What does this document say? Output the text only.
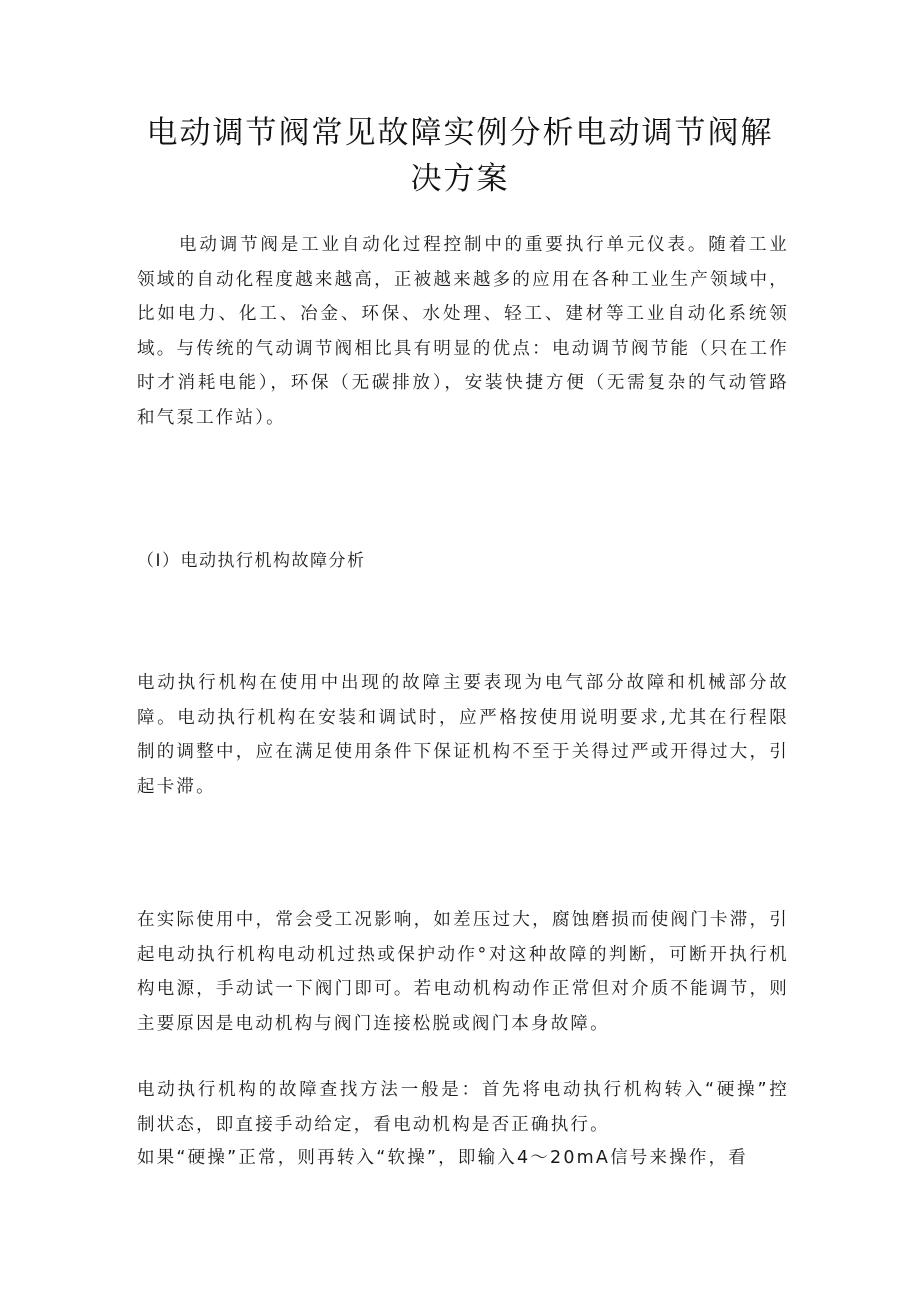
电动调节阀常见故障实例分析电动调节阀解
决方案

电动调节阀是工业自动化过程控制中的重要执行单元仪表。随着工业领域的自动化程度越来越高，正被越来越多的应用在各种工业生产领域中，比如电力、化工、冶金、环保、水处理、轻工、建材等工业自动化系统领域。与传统的气动调节阀相比具有明显的优点：电动调节阀节能（只在工作时才消耗电能），环保（无碳排放），安装快捷方便（无需复杂的气动管路和气泵工作站）。

（I）电动执行机构故障分析

电动执行机构在使用中出现的故障主要表现为电气部分故障和机械部分故障。电动执行机构在安装和调试时，应严格按使用说明要求,尤其在行程限制的调整中，应在满足使用条件下保证机构不至于关得过严或开得过大，引起卡滞。

在实际使用中，常会受工况影响，如差压过大，腐蚀磨损而使阀门卡滞，引起电动执行机构电动机过热或保护动作°对这种故障的判断，可断开执行机构电源，手动试一下阀门即可。若电动机构动作正常但对介质不能调节，则主要原因是电动机构与阀门连接松脱或阀门本身故障。

电动执行机构的故障查找方法一般是：首先将电动执行机构转入“硬操”控制状态，即直接手动给定，看电动机构是否正确执行。

如果“硬操”正常，则再转入“软操”，即输入4～20mA信号来操作，看
